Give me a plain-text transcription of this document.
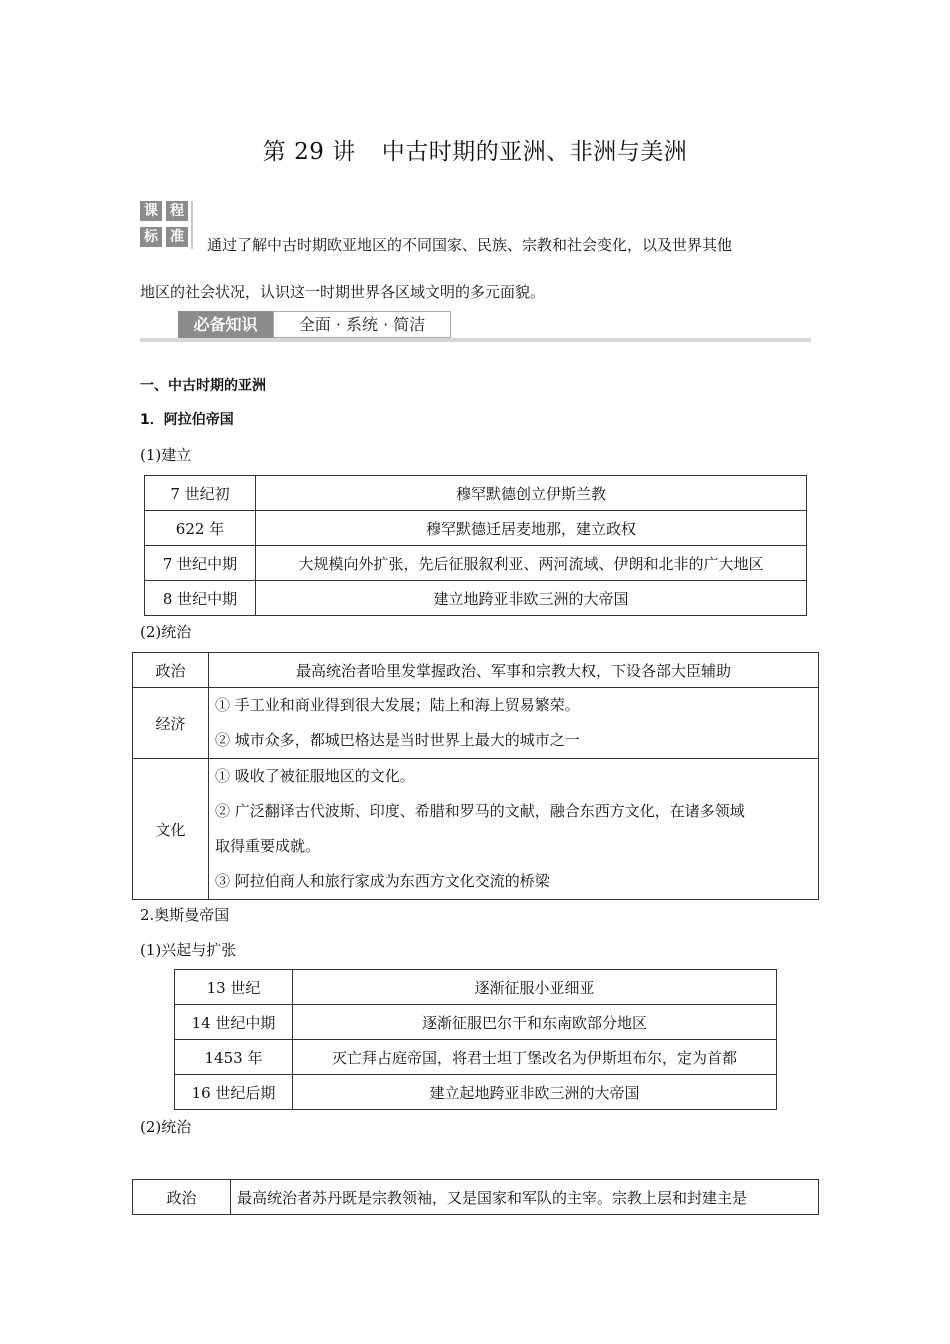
第 29 讲 中古时期的亚洲、非洲与美洲
课 程
标 准 通过了解中古时期欧亚地区的不同国家、民族、宗教和社会变化，以及世界其他
地区的社会状况，认识这一时期世界各区域文明的多元面貌。
必备知识	全面 · 系统 · 简洁
一、中古时期的亚洲
1．阿拉伯帝国
(1)建立
7 世纪初	穆罕默德创立伊斯兰教
622 年	穆罕默德迁居麦地那，建立政权
7 世纪中期	大规模向外扩张，先后征服叙利亚、两河流域、伊朗和北非的广大地区
8 世纪中期	建立地跨亚非欧三洲的大帝国
(2)统治
政治	最高统治者哈里发掌握政治、军事和宗教大权，下设各部大臣辅助
经济	① 手工业和商业得到很大发展；陆上和海上贸易繁荣。
② 城市众多，都城巴格达是当时世界上最大的城市之一

文化	① 吸收了被征服地区的文化。
② 广泛翻译古代波斯、印度、希腊和罗马的文献，融合东西方文化，在诸多领域
取得重要成就。
③ 阿拉伯商人和旅行家成为东西方文化交流的桥梁
2.奥斯曼帝国
(1)兴起与扩张
13 世纪	逐渐征服小亚细亚
14 世纪中期	逐渐征服巴尔干和东南欧部分地区
1453 年	灭亡拜占庭帝国，将君士坦丁堡改名为伊斯坦布尔，定为首都
16 世纪后期	建立起地跨亚非欧三洲的大帝国
(2)统治
政治	最高统治者苏丹既是宗教领袖，又是国家和军队的主宰。宗教上层和封建主是
